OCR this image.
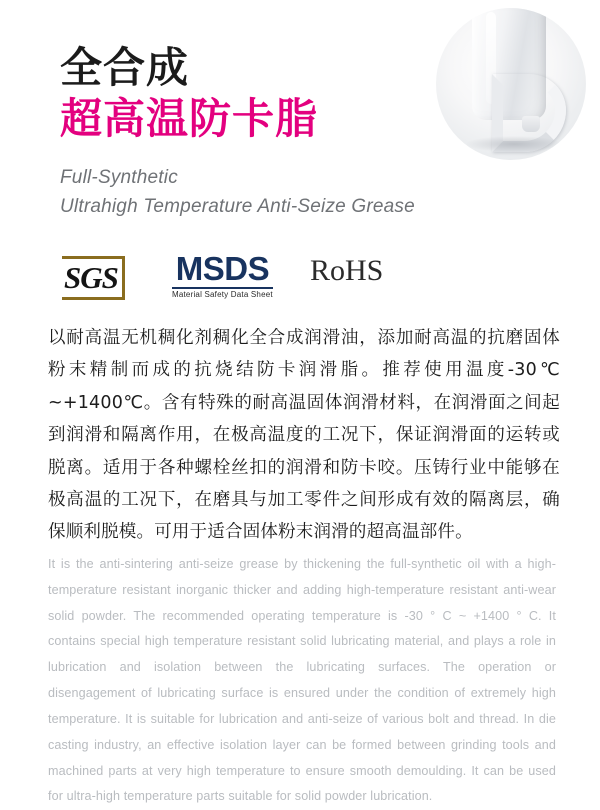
全合成
超高温防卡脂
Full-Synthetic
Ultrahigh Temperature Anti-Seize Grease
SGS MSDS
Material Safety Data Sheet
RoHS
以耐高温无机稠化剂稠化全合成润滑油，添加耐高温的抗磨固体粉末精制而成的抗烧结防卡润滑脂。推荐使用温度-30℃ ~+1400℃。含有特殊的耐高温固体润滑材料，在润滑面之间起到润滑和隔离作用，在极高温度的工况下，保证润滑面的运转或脱离。适用于各种螺栓丝扣的润滑和防卡咬。压铸行业中能够在极高温的工况下，在磨具与加工零件之间形成有效的隔离层，确保顺利脱模。可用于适合固体粉末润滑的超高温部件。
It is the anti-sintering anti-seize grease by thickening the full-synthetic oil with a high-temperature resistant inorganic thicker and adding high-temperature resistant anti-wear solid powder. The recommended operating temperature is -30 ° C ~ +1400 ° C. It contains special high temperature resistant solid lubricating material, and plays a role in lubrication and isolation between the lubricating surfaces. The operation or disengagement of lubricating surface is ensured under the condition of extremely high temperature. It is suitable for lubrication and anti-seize of various bolt and thread. In die casting industry, an effective isolation layer can be formed between grinding tools and machined parts at very high temperature to ensure smooth demoulding. It can be used for ultra-high temperature parts suitable for solid powder lubrication.
